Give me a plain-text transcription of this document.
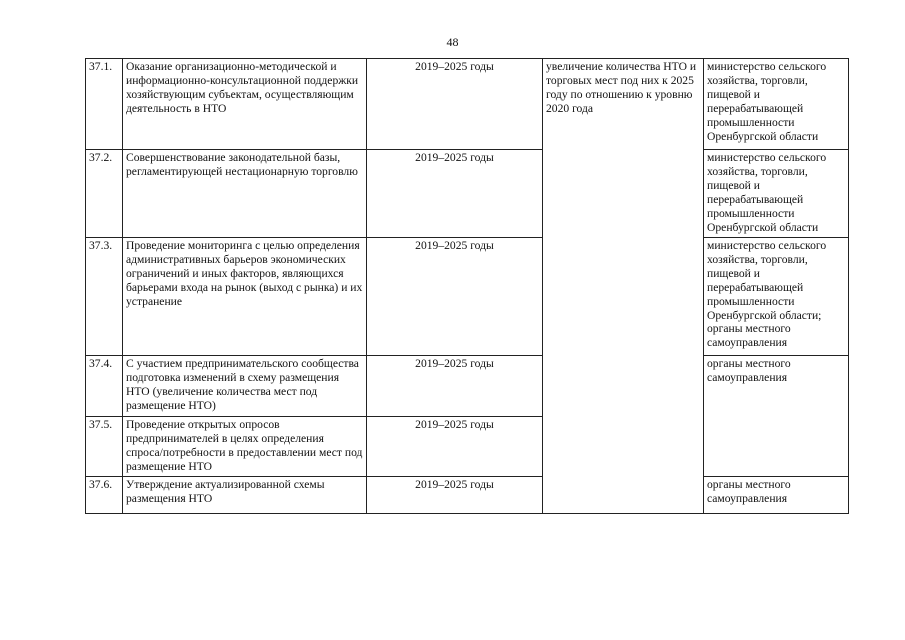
48
37.1.	Оказание организационно-методической и информационно-консультационной поддержки хозяйствующим субъектам, осуществляющим деятельность в НТО	2019–2025 годы	увеличение количества НТО и торговых мест под них к 2025 году по отношению к уровню 2020 года	министерство сельского хозяйства, торговли, пищевой и перерабатывающей промышленности Оренбургской области
37.2.	Совершенствование законодательной базы, регламентирующей нестационарную торговлю	2019–2025 годы		министерство сельского хозяйства, торговли, пищевой и перерабатывающей промышленности Оренбургской области
37.3.	Проведение мониторинга с целью определения административных барьеров экономических ограничений и иных факторов, являющихся барьерами входа на рынок (выход с рынка) и их устранение	2019–2025 годы		министерство сельского хозяйства, торговли, пищевой и перерабатывающей промышленности Оренбургской области; органы местного самоуправления
37.4.	С участием предпринимательского сообщества подготовка изменений в схему размещения НТО (увеличение количества мест под размещение НТО)	2019–2025 годы		органы местного самоуправления
37.5.	Проведение открытых опросов предпринимателей в целях определения спроса/потребности в предоставлении мест под размещение НТО	2019–2025 годы		
37.6.	Утверждение актуализированной схемы размещения НТО	2019–2025 годы		органы местного самоуправления
